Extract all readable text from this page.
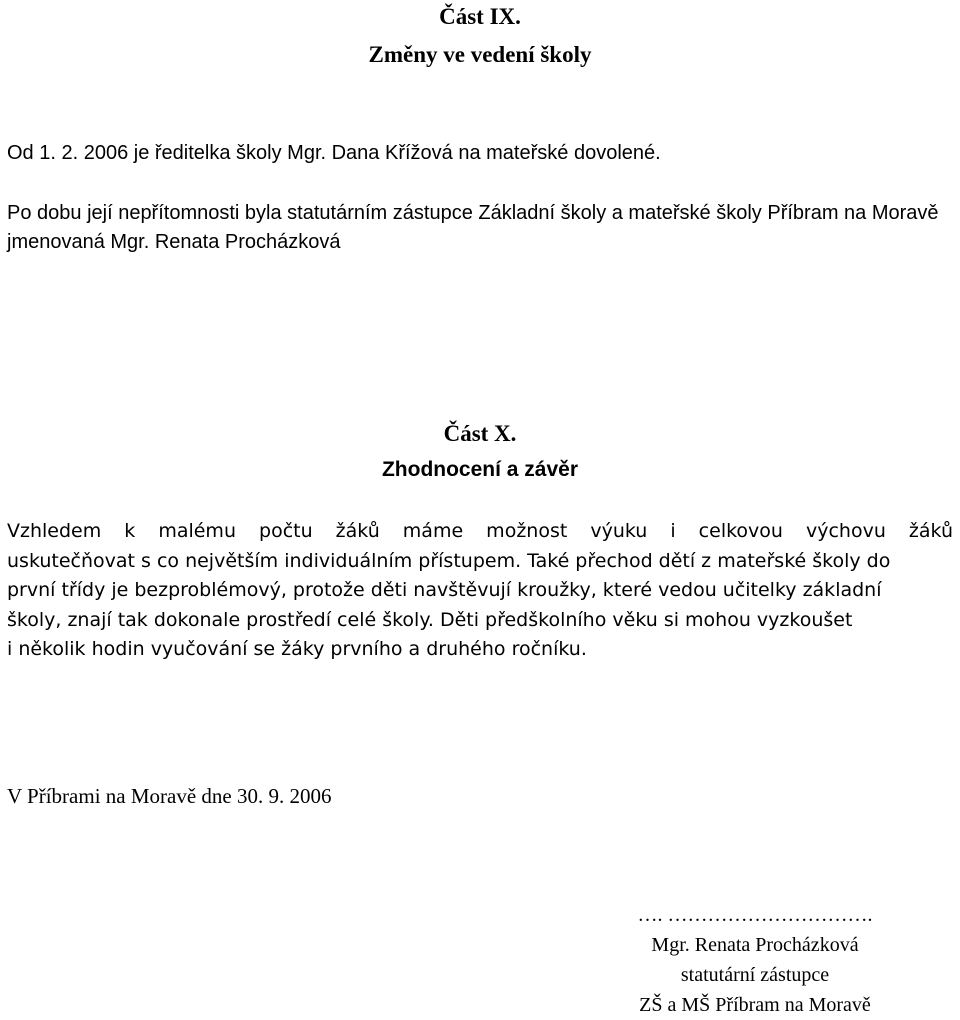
Část IX.

Změny ve vedení školy

Od 1. 2. 2006 je ředitelka školy Mgr. Dana Křížová na mateřské dovolené.

Po dobu její nepřítomnosti byla statutárním zástupce Základní školy a mateřské školy Příbram na Moravě jmenovaná Mgr. Renata Procházková

Část X.

Zhodnocení a závěr

Vzhledem k malému počtu žáků máme možnost výuku i celkovou výchovu žáků
uskutečňovat s co největším individuálním přístupem. Také přechod dětí z mateřské školy do
první třídy je bezproblémový, protože děti navštěvují kroužky, které vedou učitelky základní
školy, znají tak dokonale prostředí celé školy. Děti předškolního věku si mohou vyzkoušet
i několik hodin vyučování se žáky prvního a druhého ročníku.

V Příbrami na Moravě dne 30. 9. 2006

…. ………………………….
Mgr. Renata Procházková
statutární zástupce
ZŠ a MŠ Příbram na Moravě
